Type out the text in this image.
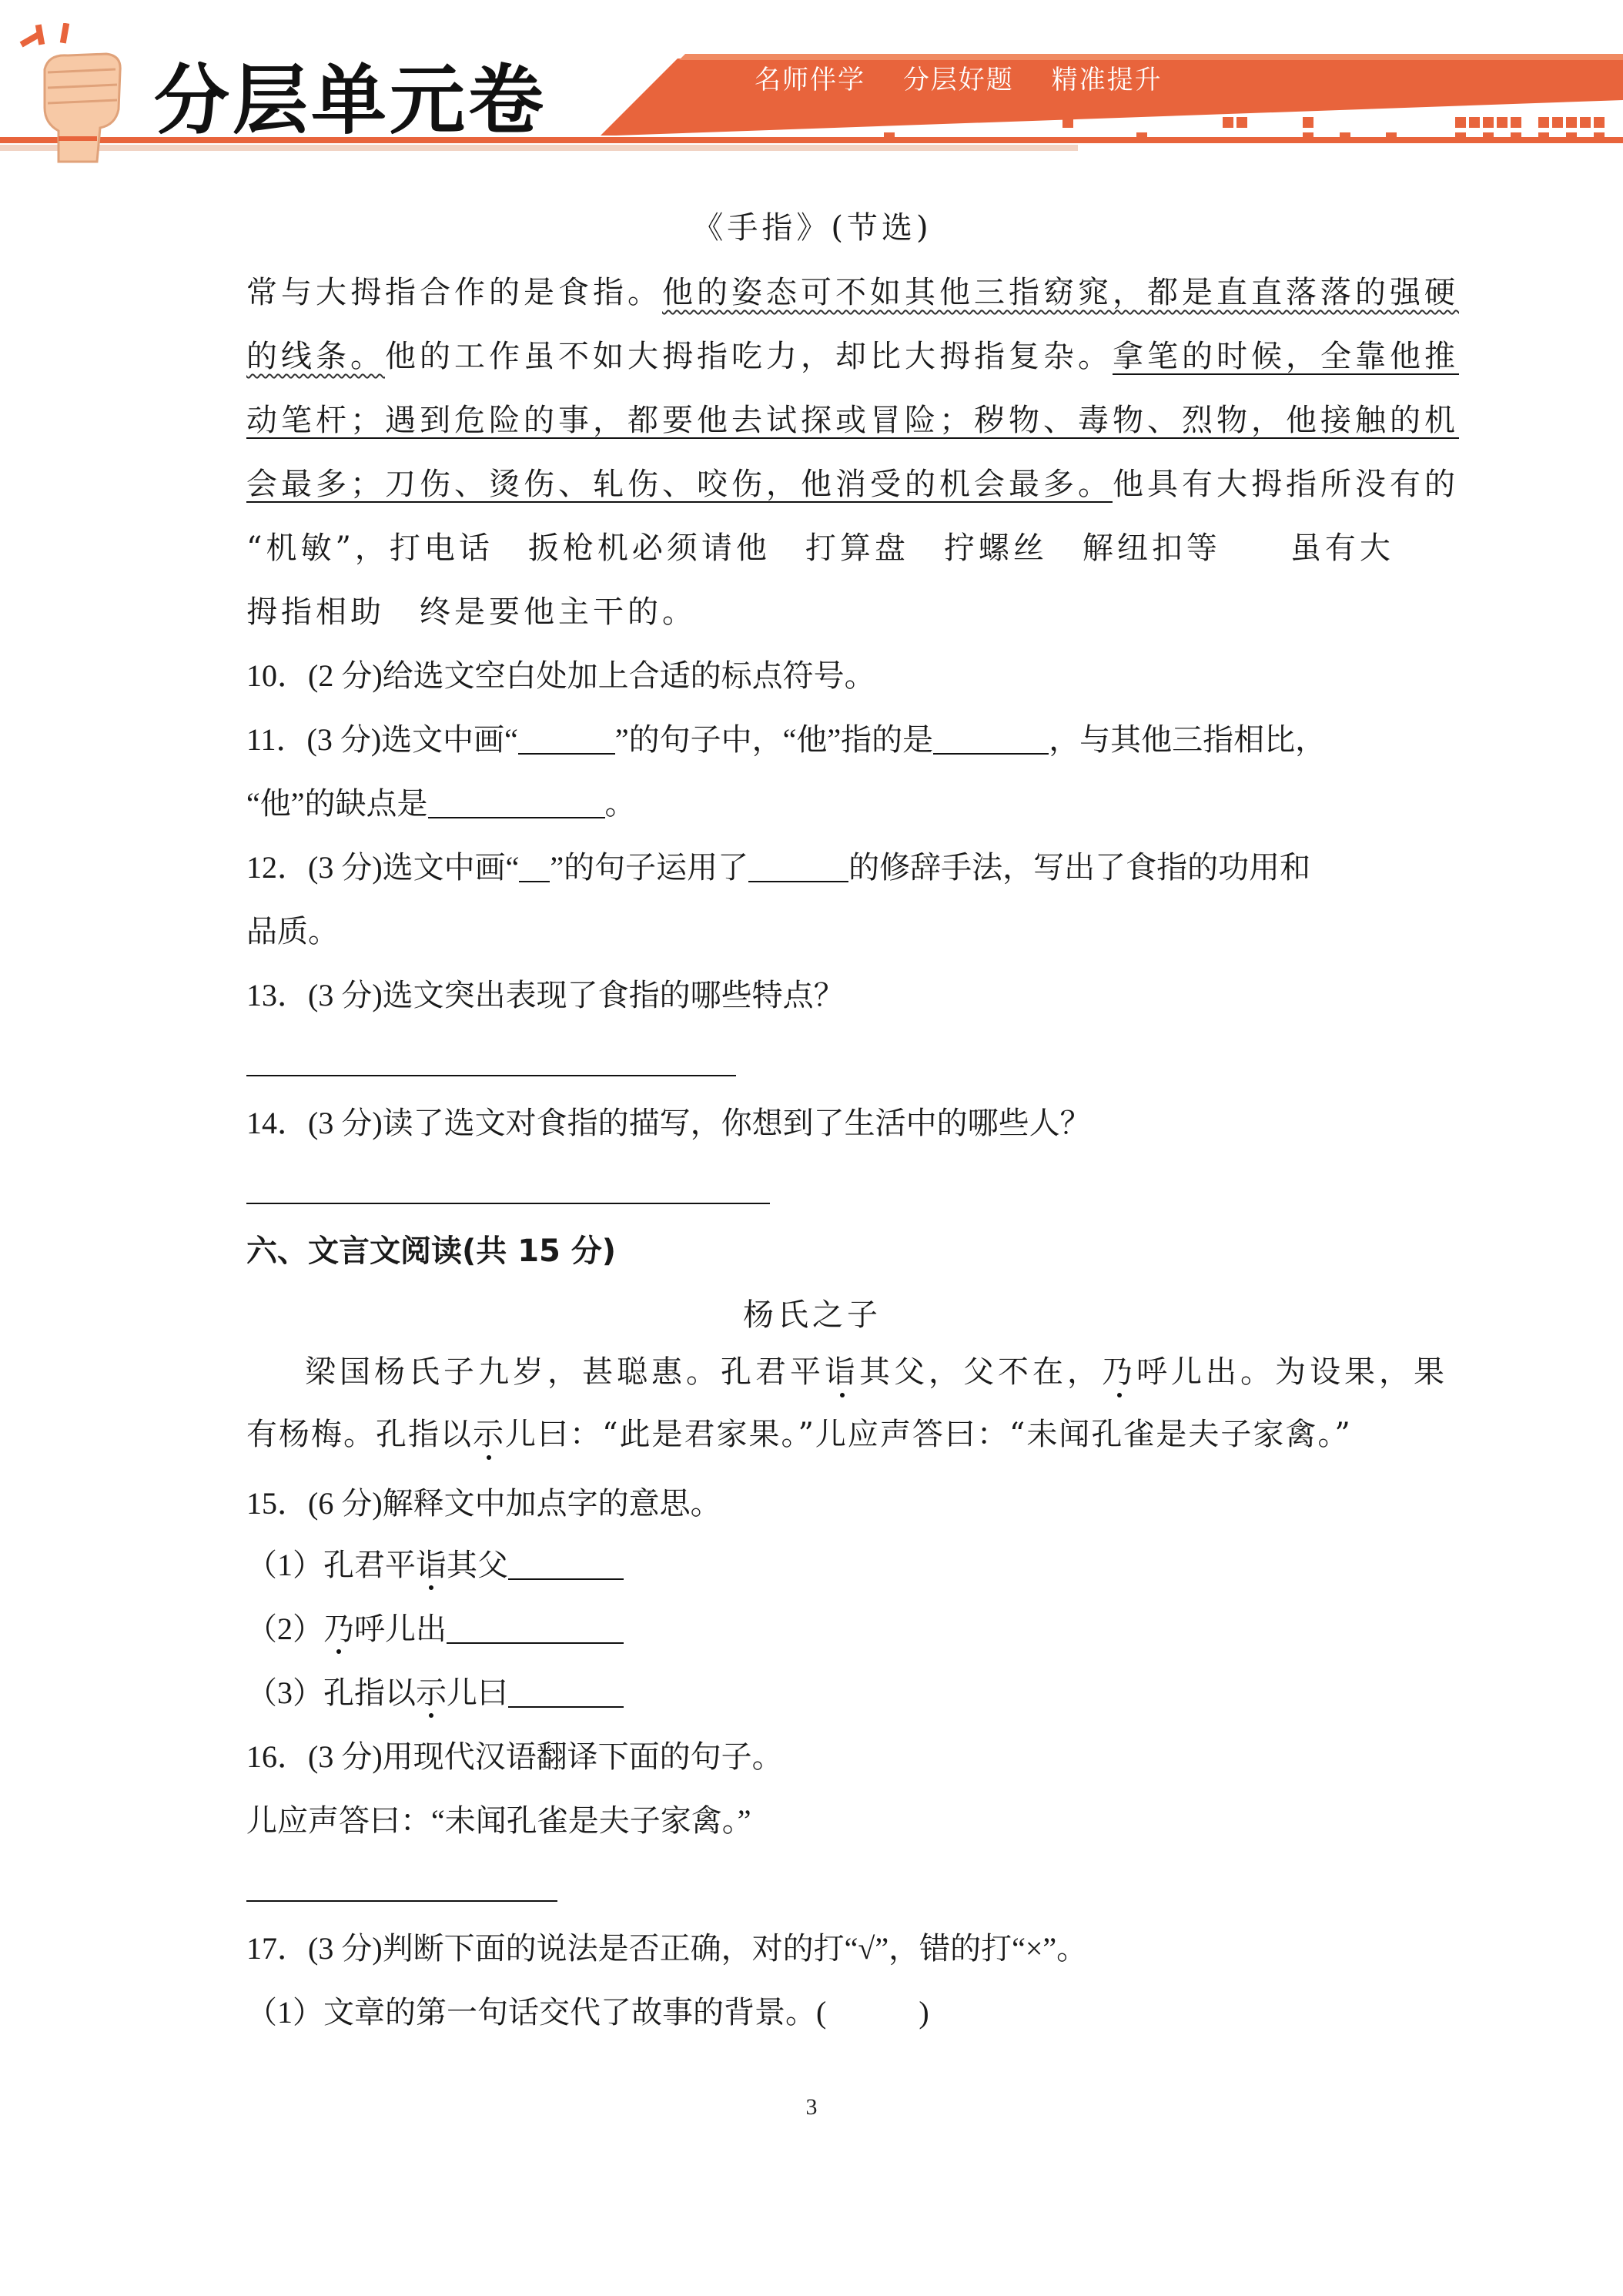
分层单元卷	名师伴学 分层好题 精准提升
《手指》(节选)
常与大拇指合作的是食指。他的姿态可不如其他三指窈窕，都是直直落落的强硬
的线条。他的工作虽不如大拇指吃力，却比大拇指复杂。拿笔的时候，全靠他推
动笔杆；遇到危险的事，都要他去试探或冒险；秽物、毒物、烈物，他接触的机
会最多；刀伤、烫伤、轧伤、咬伤，他消受的机会最多。他具有大拇指所没有的
“机敏”，打电话　扳枪机必须请他　打算盘　拧螺丝　解纽扣等　　虽有大
拇指相助　终是要他主干的。
10．(2 分)给选文空白处加上合适的标点符号。
11．(3 分)选文中画“	”的句子中，“他”指的是	，与其他三指相比，
“他”的缺点是	。
12．(3 分)选文中画“ ”的句子运用了	的修辞手法，写出了食指的功用和
品质。
13．(3 分)选文突出表现了食指的哪些特点？
14．(3 分)读了选文对食指的描写，你想到了生活中的哪些人？
六、文言文阅读(共 15 分)
杨氏之子
梁国杨氏子九岁，甚聪惠。孔君平诣其父，父不在，乃呼儿出。为设果，果
有杨梅。孔指以示儿曰：“此是君家果。”儿应声答曰：“未闻孔雀是夫子家禽。”
15．(6 分)解释文中加点字的意思。
（1）孔君平诣其父
（2）乃呼儿出
（3）孔指以示儿曰
16．(3 分)用现代汉语翻译下面的句子。
儿应声答曰：“未闻孔雀是夫子家禽。”
17．(3 分)判断下面的说法是否正确，对的打“√”，错的打“×”。
（1）文章的第一句话交代了故事的背景。(	)
3
